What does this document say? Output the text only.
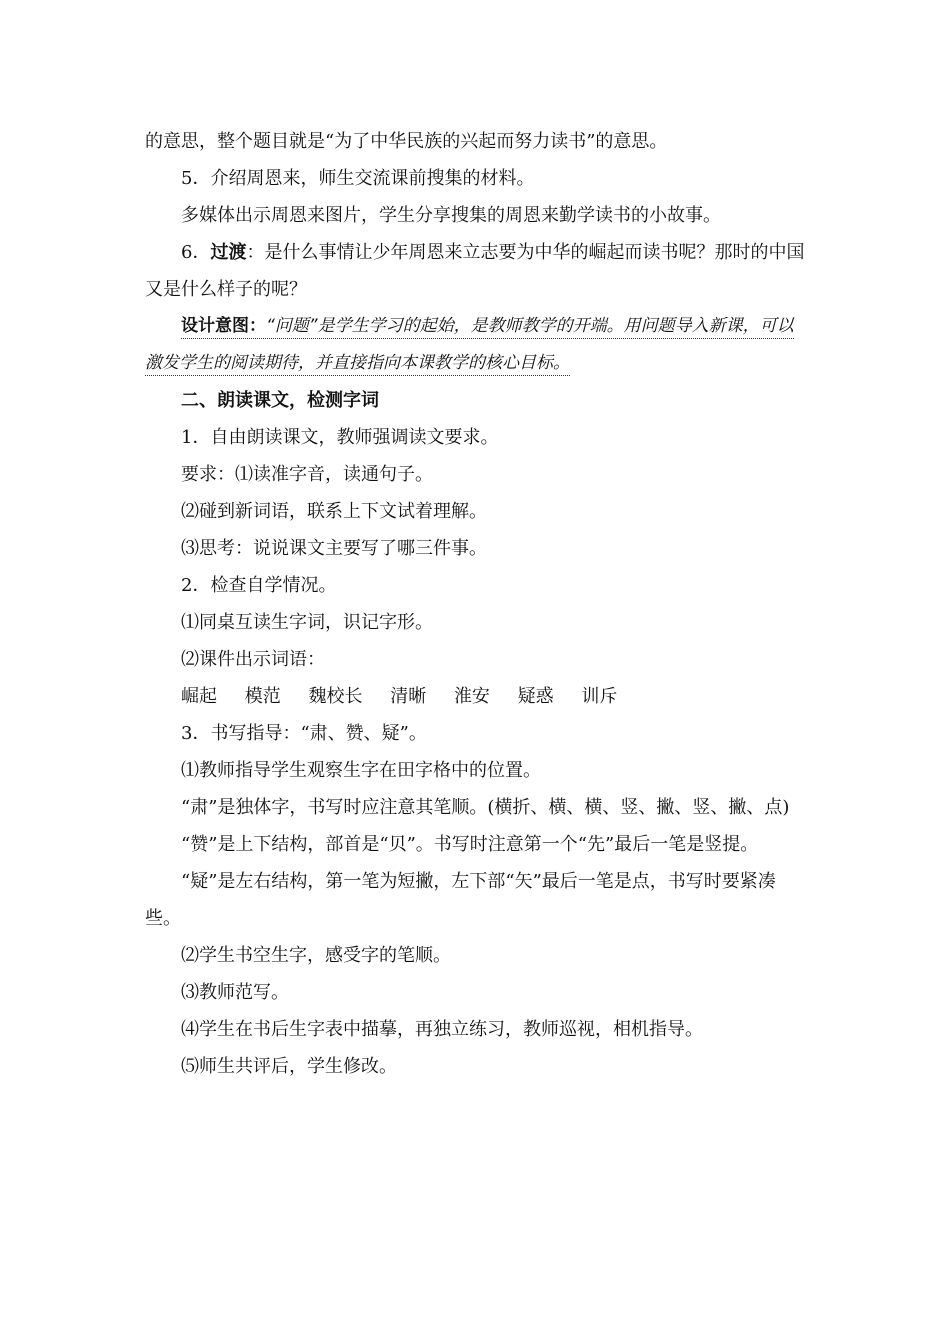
的意思，整个题目就是“为了中华民族的兴起而努力读书”的意思。

5．介绍周恩来，师生交流课前搜集的材料。

多媒体出示周恩来图片，学生分享搜集的周恩来勤学读书的小故事。

6．过渡：是什么事情让少年周恩来立志要为中华的崛起而读书呢？那时的中国又是什么样子的呢？

设计意图：“问题”是学生学习的起始，是教师教学的开端。用问题导入新课，可以激发学生的阅读期待，并直接指向本课教学的核心目标。

二、朗读课文，检测字词

1．自由朗读课文，教师强调读文要求。

要求：⑴读准字音，读通句子。

⑵碰到新词语，联系上下文试着理解。

⑶思考：说说课文主要写了哪三件事。

2．检查自学情况。

⑴同桌互读生字词，识记字形。

⑵课件出示词语：

崛起 模范 魏校长 清晰 淮安 疑惑 训斥

3．书写指导：“肃、赞、疑”。

⑴教师指导学生观察生字在田字格中的位置。

“肃”是独体字，书写时应注意其笔顺。(横折、横、横、竖、撇、竖、撇、点)

“赞”是上下结构，部首是“贝”。书写时注意第一个“先”最后一笔是竖提。

“疑”是左右结构，第一笔为短撇，左下部“矢”最后一笔是点，书写时要紧凑些。

⑵学生书空生字，感受字的笔顺。

⑶教师范写。

⑷学生在书后生字表中描摹，再独立练习，教师巡视，相机指导。

⑸师生共评后，学生修改。
